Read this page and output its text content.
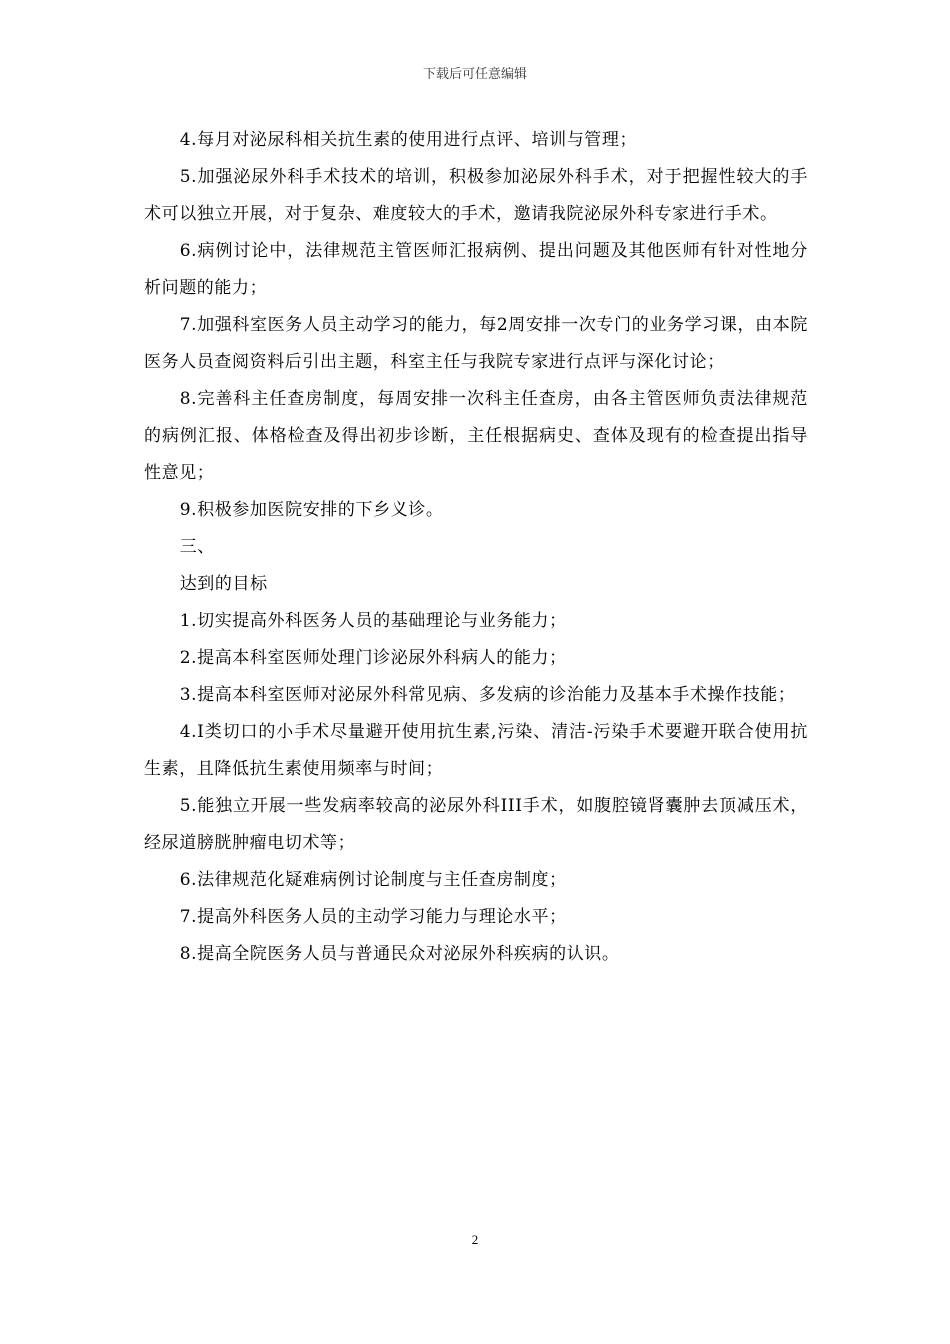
下载后可任意编辑

4.每月对泌尿科相关抗生素的使用进行点评、培训与管理；

5.加强泌尿外科手术技术的培训，积极参加泌尿外科手术，对于把握性较大的手术可以独立开展，对于复杂、难度较大的手术，邀请我院泌尿外科专家进行手术。

6.病例讨论中，法律规范主管医师汇报病例、提出问题及其他医师有针对性地分析问题的能力；

7.加强科室医务人员主动学习的能力，每2周安排一次专门的业务学习课，由本院医务人员查阅资料后引出主题，科室主任与我院专家进行点评与深化讨论；

8.完善科主任查房制度，每周安排一次科主任查房，由各主管医师负责法律规范的病例汇报、体格检查及得出初步诊断，主任根据病史、查体及现有的检查提出指导性意见；

9.积极参加医院安排的下乡义诊。

三、

达到的目标

1.切实提高外科医务人员的基础理论与业务能力；

2.提高本科室医师处理门诊泌尿外科病人的能力；

3.提高本科室医师对泌尿外科常见病、多发病的诊治能力及基本手术操作技能；

4.I类切口的小手术尽量避开使用抗生素,污染、清洁-污染手术要避开联合使用抗生素，且降低抗生素使用频率与时间；

5.能独立开展一些发病率较高的泌尿外科III手术，如腹腔镜肾囊肿去顶减压术，经尿道膀胱肿瘤电切术等；

6.法律规范化疑难病例讨论制度与主任查房制度；

7.提高外科医务人员的主动学习能力与理论水平；

8.提高全院医务人员与普通民众对泌尿外科疾病的认识。

2
